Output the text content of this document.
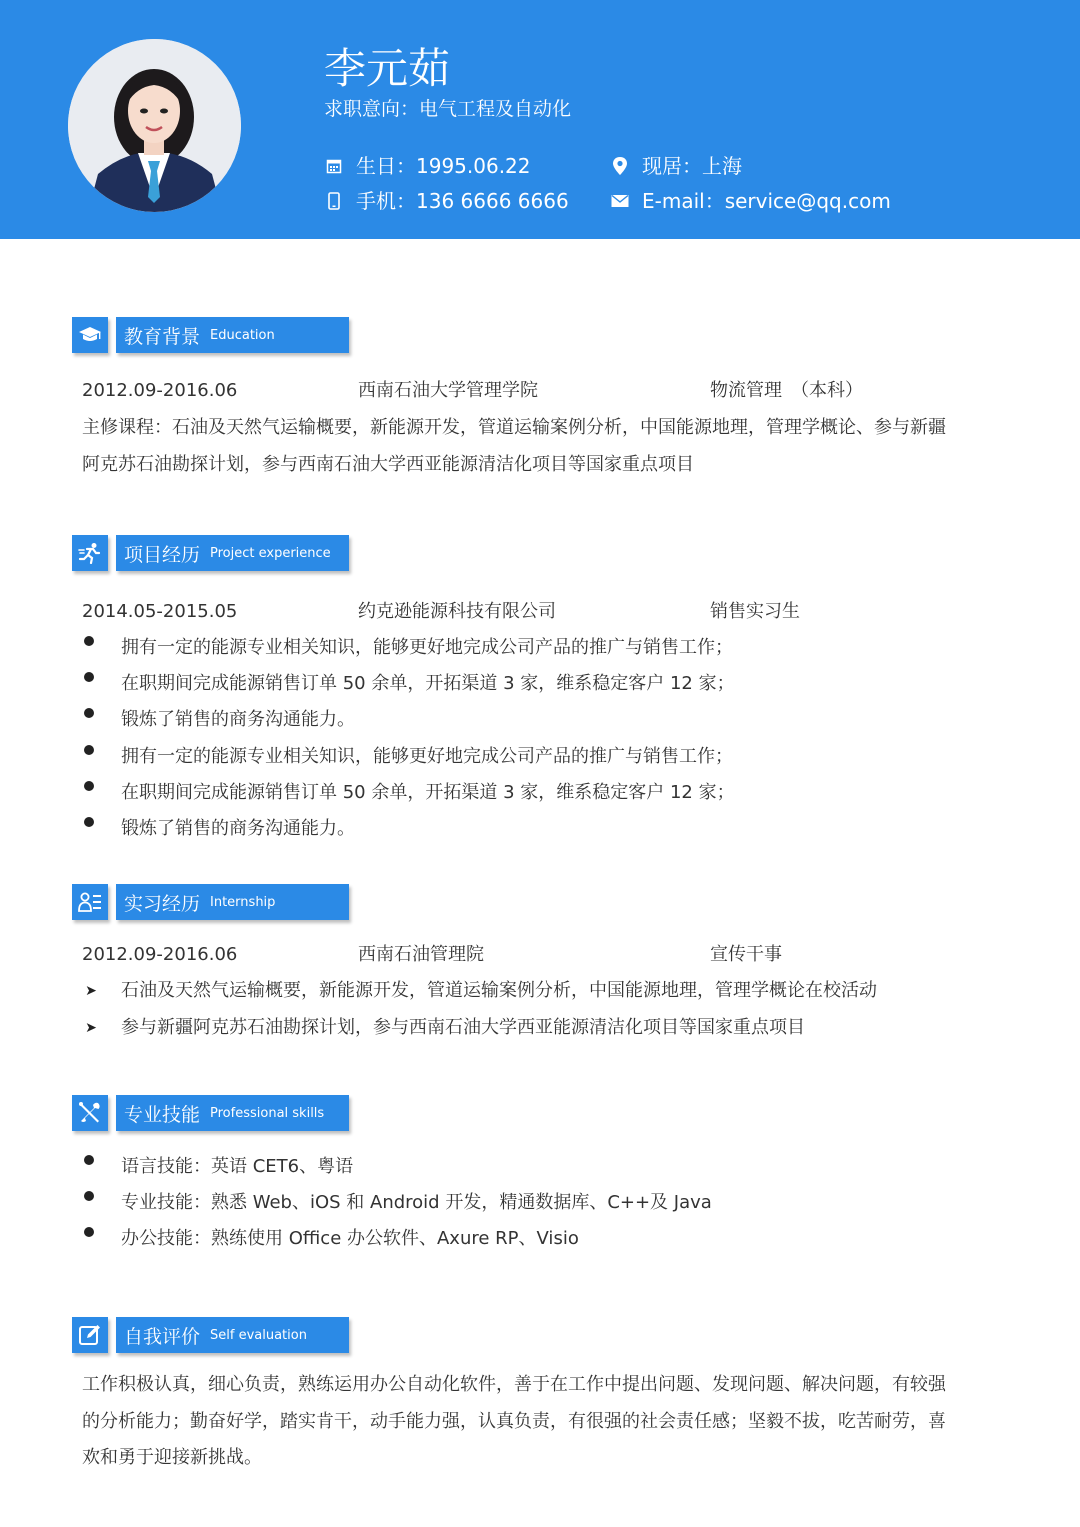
李元茹
求职意向：电气工程及自动化
生日：1995.06.22
手机：136 6666 6666
现居：上海
E-mail：service@qq.com
教育背景 Education
2012.09-2016.06	西南石油大学管理学院	物流管理　（本科）
主修课程：石油及天然气运输概要，新能源开发，管道运输案例分析，中国能源地理，管理学概论、参与新疆
阿克苏石油勘探计划，参与西南石油大学西亚能源清洁化项目等国家重点项目
项目经历 Project experience
2014.05-2015.05	约克逊能源科技有限公司	销售实习生
拥有一定的能源专业相关知识，能够更好地完成公司产品的推广与销售工作；
在职期间完成能源销售订单 50 余单，开拓渠道 3 家，维系稳定客户 12 家；
锻炼了销售的商务沟通能力。
拥有一定的能源专业相关知识，能够更好地完成公司产品的推广与销售工作；
在职期间完成能源销售订单 50 余单，开拓渠道 3 家，维系稳定客户 12 家；
锻炼了销售的商务沟通能力。
实习经历 Internship
2012.09-2016.06	西南石油管理院	宣传干事
➤ 石油及天然气运输概要，新能源开发，管道运输案例分析，中国能源地理，管理学概论在校活动
➤ 参与新疆阿克苏石油勘探计划，参与西南石油大学西亚能源清洁化项目等国家重点项目
专业技能 Professional skills
语言技能：英语 CET6、粤语
专业技能：熟悉 Web、iOS 和 Android 开发，精通数据库、C++及 Java
办公技能：熟练使用 Office 办公软件、Axure RP、Visio
自我评价 Self evaluation
工作积极认真，细心负责，熟练运用办公自动化软件，善于在工作中提出问题、发现问题、解决问题，有较强
的分析能力；勤奋好学，踏实肯干，动手能力强，认真负责，有很强的社会责任感；坚毅不拔，吃苦耐劳，喜
欢和勇于迎接新挑战。
